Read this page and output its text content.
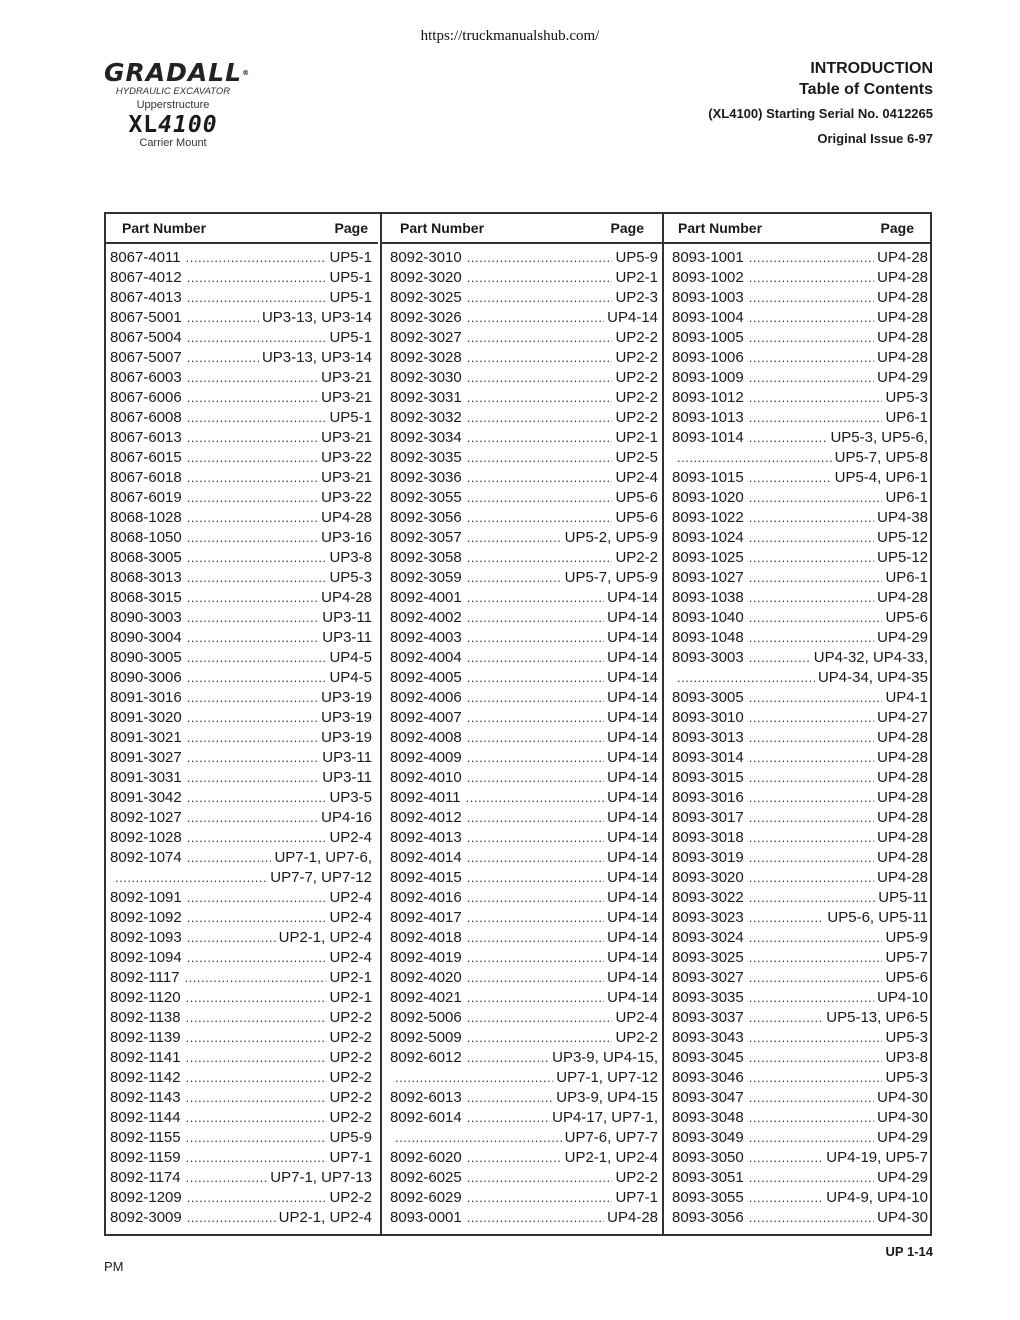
https://truckmanualshub.com/
GRADALL®
HYDRAULIC EXCAVATOR
Upperstructure
XL4100
Carrier Mount
INTRODUCTION
Table of Contents
(XL4100) Starting Serial No. 0412265
Original Issue 6-97
Part Number	Page
8067-4011 .....	UP5-1
8067-4012 .....	UP5-1
8067-4013 .....	UP5-1
8067-5001 .....	UP3-13, UP3-14
8067-5004 .....	UP5-1
8067-5007 .....	UP3-13, UP3-14
8067-6003 .....	UP3-21
8067-6006 .....	UP3-21
8067-6008 .....	UP5-1
8067-6013 .....	UP3-21
8067-6015 .....	UP3-22
8067-6018 .....	UP3-21
8067-6019 .....	UP3-22
8068-1028 .....	UP4-28
8068-1050 .....	UP3-16
8068-3005 .....	UP3-8
8068-3013 .....	UP5-3
8068-3015 .....	UP4-28
8090-3003 .....	UP3-11
8090-3004 .....	UP3-11
8090-3005 .....	UP4-5
8090-3006 .....	UP4-5
8091-3016 .....	UP3-19
8091-3020 .....	UP3-19
8091-3021 .....	UP3-19
8091-3027 .....	UP3-11
8091-3031 .....	UP3-11
8091-3042 .....	UP3-5
8092-1027 .....	UP4-16
8092-1028 .....	UP2-4
8092-1074 .....	UP7-1, UP7-6,
.....
UP7-7, UP7-12
8092-1091 .....	UP2-4
8092-1092 .....	UP2-4
8092-1093 .....	UP2-1, UP2-4
8092-1094 .....	UP2-4
8092-1117 .....	UP2-1
8092-1120 .....	UP2-1
8092-1138 .....	UP2-2
8092-1139 .....	UP2-2
8092-1141 .....	UP2-2
8092-1142 .....	UP2-2
8092-1143 .....	UP2-2
8092-1144 .....	UP2-2
8092-1155 .....	UP5-9
8092-1159 .....	UP7-1
8092-1174 .....	UP7-1, UP7-13
8092-1209 .....	UP2-2
8092-3009 .....	UP2-1, UP2-4
Part Number	Page
8092-3010 .....	UP5-9
8092-3020 .....	UP2-1
8092-3025 .....	UP2-3
8092-3026 .....	UP4-14
8092-3027 .....	UP2-2
8092-3028 .....	UP2-2
8092-3030 .....	UP2-2
8092-3031 .....	UP2-2
8092-3032 .....	UP2-2
8092-3034 .....	UP2-1
8092-3035 .....	UP2-5
8092-3036 .....	UP2-4
8092-3055 .....	UP5-6
8092-3056 .....	UP5-6
8092-3057 .....	UP5-2, UP5-9
8092-3058 .....	UP2-2
8092-3059 .....	UP5-7, UP5-9
8092-4001 .....	UP4-14
8092-4002 .....	UP4-14
8092-4003 .....	UP4-14
8092-4004 .....	UP4-14
8092-4005 .....	UP4-14
8092-4006 .....	UP4-14
8092-4007 .....	UP4-14
8092-4008 .....	UP4-14
8092-4009 .....	UP4-14
8092-4010 .....	UP4-14
8092-4011 .....	UP4-14
8092-4012 .....	UP4-14
8092-4013 .....	UP4-14
8092-4014 .....	UP4-14
8092-4015 .....	UP4-14
8092-4016 .....	UP4-14
8092-4017 .....	UP4-14
8092-4018 .....	UP4-14
8092-4019 .....	UP4-14
8092-4020 .....	UP4-14
8092-4021 .....	UP4-14
8092-5006 .....	UP2-4
8092-5009 .....	UP2-2
8092-6012 .....	UP3-9, UP4-15,
.....
UP7-1, UP7-12
8092-6013 .....	UP3-9, UP4-15
8092-6014 .....	UP4-17, UP7-1,
.....
UP7-6, UP7-7
8092-6020 .....	UP2-1, UP2-4
8092-6025 .....	UP2-2
8092-6029 .....	UP7-1
8093-0001 .....	UP4-28
Part Number	Page
8093-1001 .....	UP4-28
8093-1002 .....	UP4-28
8093-1003 .....	UP4-28
8093-1004 .....	UP4-28
8093-1005 .....	UP4-28
8093-1006 .....	UP4-28
8093-1009 .....	UP4-29
8093-1012 .....	UP5-3
8093-1013 .....	UP6-1
8093-1014 .....	UP5-3, UP5-6,
.....
UP5-7, UP5-8
8093-1015 .....	UP5-4, UP6-1
8093-1020 .....	UP6-1
8093-1022 .....	UP4-38
8093-1024 .....	UP5-12
8093-1025 .....	UP5-12
8093-1027 .....	UP6-1
8093-1038 .....	UP4-28
8093-1040 .....	UP5-6
8093-1048 .....	UP4-29
8093-3003 .....	UP4-32, UP4-33,
.....
UP4-34, UP4-35
8093-3005 .....	UP4-1
8093-3010 .....	UP4-27
8093-3013 .....	UP4-28
8093-3014 .....	UP4-28
8093-3015 .....	UP4-28
8093-3016 .....	UP4-28
8093-3017 .....	UP4-28
8093-3018 .....	UP4-28
8093-3019 .....	UP4-28
8093-3020 .....	UP4-28
8093-3022 .....	UP5-11
8093-3023 .....	UP5-6, UP5-11
8093-3024 .....	UP5-9
8093-3025 .....	UP5-7
8093-3027 .....	UP5-6
8093-3035 .....	UP4-10
8093-3037 .....	UP5-13, UP6-5
8093-3043 .....	UP5-3
8093-3045 .....	UP3-8
8093-3046 .....	UP5-3
8093-3047 .....	UP4-30
8093-3048 .....	UP4-30
8093-3049 .....	UP4-29
8093-3050 .....	UP4-19, UP5-7
8093-3051 .....	UP4-29
8093-3055 .....	UP4-9, UP4-10
8093-3056 .....	UP4-30
UP 1-14
PM
